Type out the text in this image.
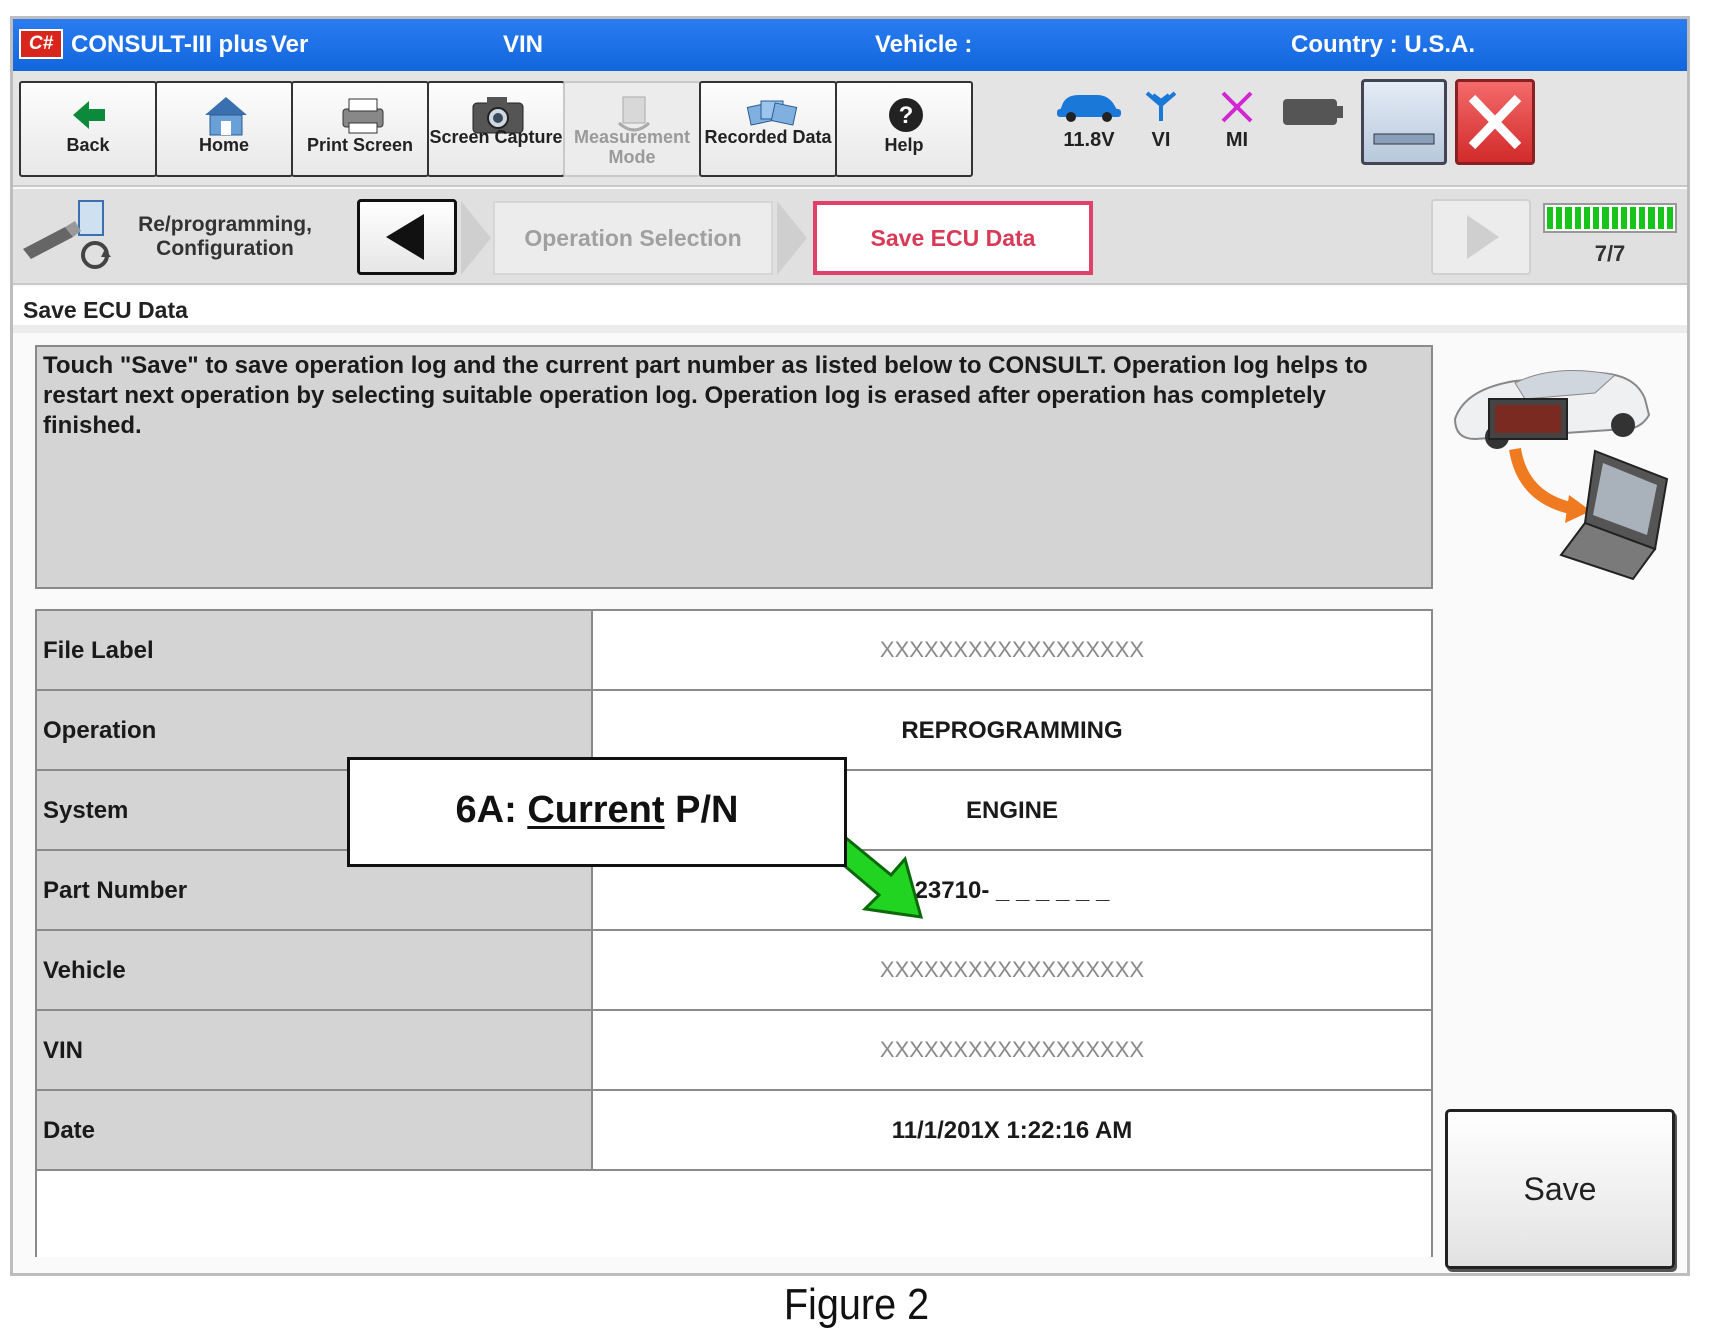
C# CONSULT-III plus Ver	VIN	Vehicle :	Country : U.S.A.
Back	Home	Print Screen Screen Capture Measurement Mode
Recorded Data
?
Help	11.8V	VI	MI
Re/programming, Configuration	Operation Selection	Save ECU Data
7/7
Save ECU Data
Touch "Save" to save operation log and the current part number as listed below to CONSULT. Operation log helps to restart next operation by selecting suitable operation log. Operation log is erased after operation has completely finished.
File Label	XXXXXXXXXXXXXXXXXX
Operation	REPROGRAMMING
System	ENGINE
Part Number	23710- _ _ _ _ _ _
Vehicle	XXXXXXXXXXXXXXXXXX
VIN	XXXXXXXXXXXXXXXXXX
Date	11/1/201X 1:22:16 AM
6A: Current P/N
Save
Figure 2
